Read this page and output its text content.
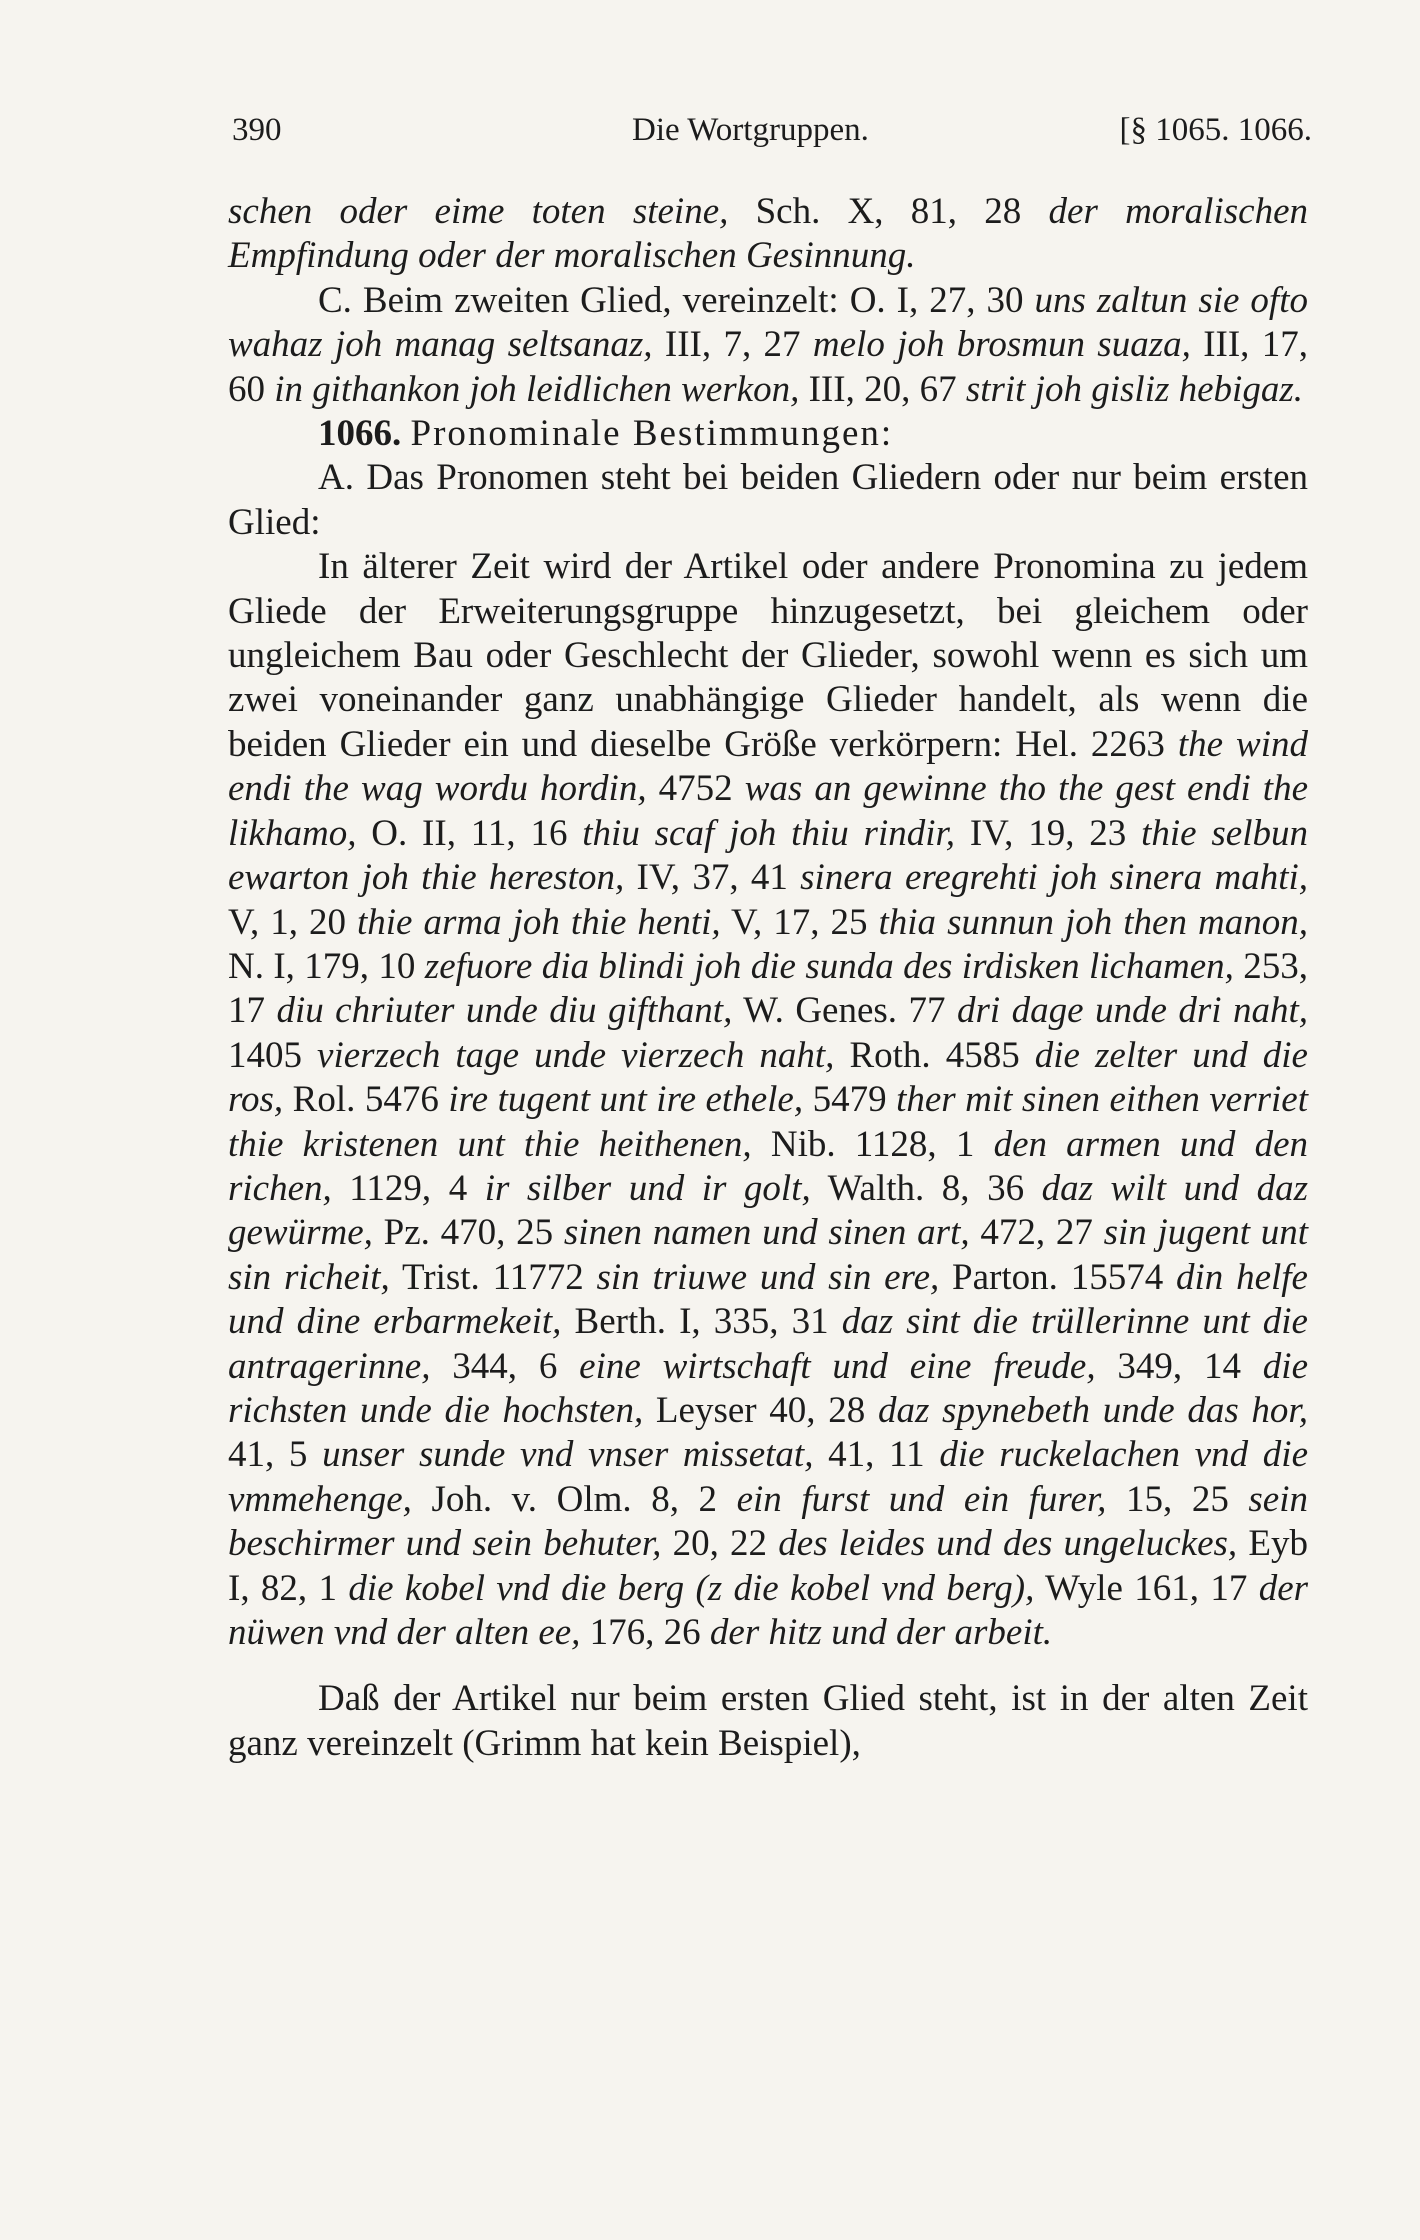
390	Die Wortgruppen.	[§ 1065. 1066.

schen oder eime toten steine, Sch. X, 81, 28 der moralischen Empfindung oder der moralischen Gesinnung.

C. Beim zweiten Glied, vereinzelt: O. I, 27, 30 uns zaltun sie ofto wahaz joh manag seltsanaz, III, 7, 27 melo joh brosmun suaza, III, 17, 60 in githankon joh leidlichen werkon, III, 20, 67 strit joh gisliz hebigaz.

1066. Pronominale Bestimmungen:

A. Das Pronomen steht bei beiden Gliedern oder nur beim ersten Glied:

In älterer Zeit wird der Artikel oder andere Pronomina zu jedem Gliede der Erweiterungsgruppe hinzugesetzt, bei gleichem oder ungleichem Bau oder Geschlecht der Glieder, sowohl wenn es sich um zwei voneinander ganz unabhängige Glieder handelt, als wenn die beiden Glieder ein und dieselbe Größe verkörpern: Hel. 2263 the wind endi the wag wordu hordin, 4752 was an gewinne tho the gest endi the likhamo, O. II, 11, 16 thiu scaf joh thiu rindir, IV, 19, 23 thie selbun ewarton joh thie hereston, IV, 37, 41 sinera eregrehti joh sinera mahti, V, 1, 20 thie arma joh thie henti, V, 17, 25 thia sunnun joh then manon, N. I, 179, 10 zefuore dia blindi joh die sunda des irdisken lichamen, 253, 17 diu chriuter unde diu gifthant, W. Genes. 77 dri dage unde dri naht, 1405 vierzech tage unde vierzech naht, Roth. 4585 die zelter und die ros, Rol. 5476 ire tugent unt ire ethele, 5479 ther mit sinen eithen verriet thie kristenen unt thie heithenen, Nib. 1128, 1 den armen und den richen, 1129, 4 ir silber und ir golt, Walth. 8, 36 daz wilt und daz gewürme, Pz. 470, 25 sinen namen und sinen art, 472, 27 sin jugent unt sin richeit, Trist. 11772 sin triuwe und sin ere, Parton. 15574 din helfe und dine erbarmekeit, Berth. I, 335, 31 daz sint die trüllerinne unt die antragerinne, 344, 6 eine wirtschaft und eine freude, 349, 14 die richsten unde die hochsten, Leyser 40, 28 daz spynebeth unde das hor, 41, 5 unser sunde vnd vnser missetat, 41, 11 die ruckelachen vnd die vmmehenge, Joh. v. Olm. 8, 2 ein furst und ein furer, 15, 25 sein beschirmer und sein behuter, 20, 22 des leides und des ungeluckes, Eyb I, 82, 1 die kobel vnd die berg (z die kobel vnd berg), Wyle 161, 17 der nüwen vnd der alten ee, 176, 26 der hitz und der arbeit.

Daß der Artikel nur beim ersten Glied steht, ist in der alten Zeit ganz vereinzelt (Grimm hat kein Beispiel),
